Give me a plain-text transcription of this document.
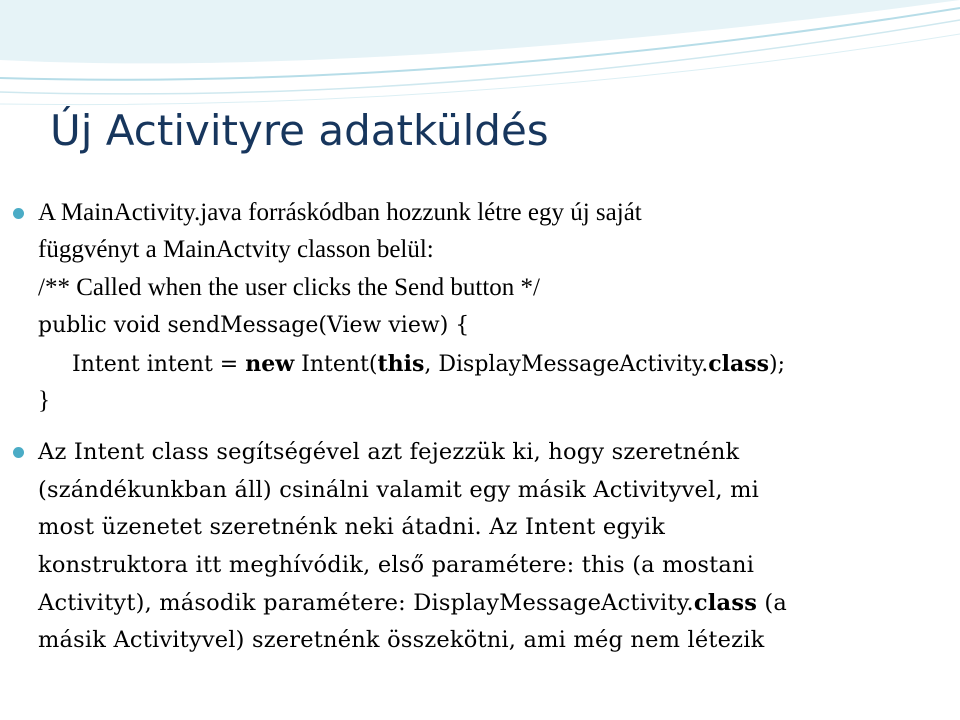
Új Activityre adatküldés
A MainActivity.java forráskódban hozzunk létre egy új saját
függvényt a MainActvity classon belül:
/** Called when the user clicks the Send button */
public void sendMessage(View view) {
Intent intent = new Intent(this, DisplayMessageActivity.class);
}
Az Intent class segítségével azt fejezzük ki, hogy szeretnénk
(szándékunkban áll) csinálni valamit egy másik Activityvel, mi
most üzenetet szeretnénk neki átadni. Az Intent egyik
konstruktora itt meghívódik, első paramétere: this (a mostani
Activityt), második paramétere: DisplayMessageActivity.class (a
másik Activityvel) szeretnénk összekötni, ami még nem létezik
